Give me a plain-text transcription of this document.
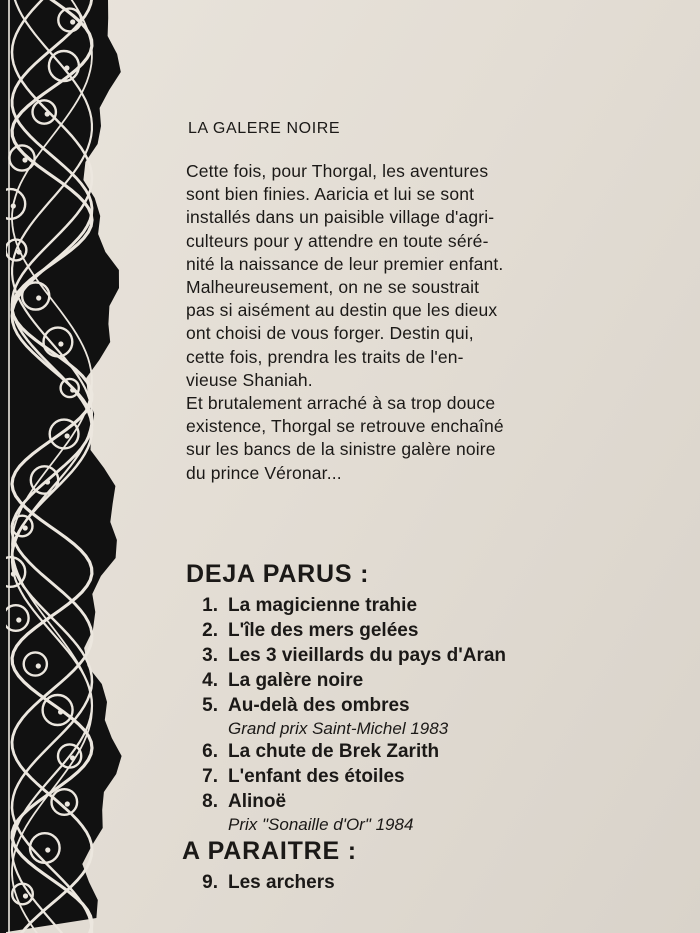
LA GALERE NOIRE
Cette fois, pour Thorgal, les aventures
sont bien finies. Aaricia et lui se sont
installés dans un paisible village d'agri-
culteurs pour y attendre en toute séré-
nité la naissance de leur premier enfant.
Malheureusement, on ne se soustrait
pas si aisément au destin que les dieux
ont choisi de vous forger. Destin qui,
cette fois, prendra les traits de l'en-
vieuse Shaniah.
Et brutalement arraché à sa trop douce
existence, Thorgal se retrouve enchaîné
sur les bancs de la sinistre galère noire
du prince Véronar...
DEJA PARUS :
1. La magicienne trahie
2. L'île des mers gelées
3. Les 3 vieillards du pays d'Aran
4. La galère noire
5. Au-delà des ombres
Grand prix Saint-Michel 1983
6. La chute de Brek Zarith
7. L'enfant des étoiles
8. Alinoë
Prix "Sonaille d'Or" 1984
A PARAITRE :
9. Les archers
